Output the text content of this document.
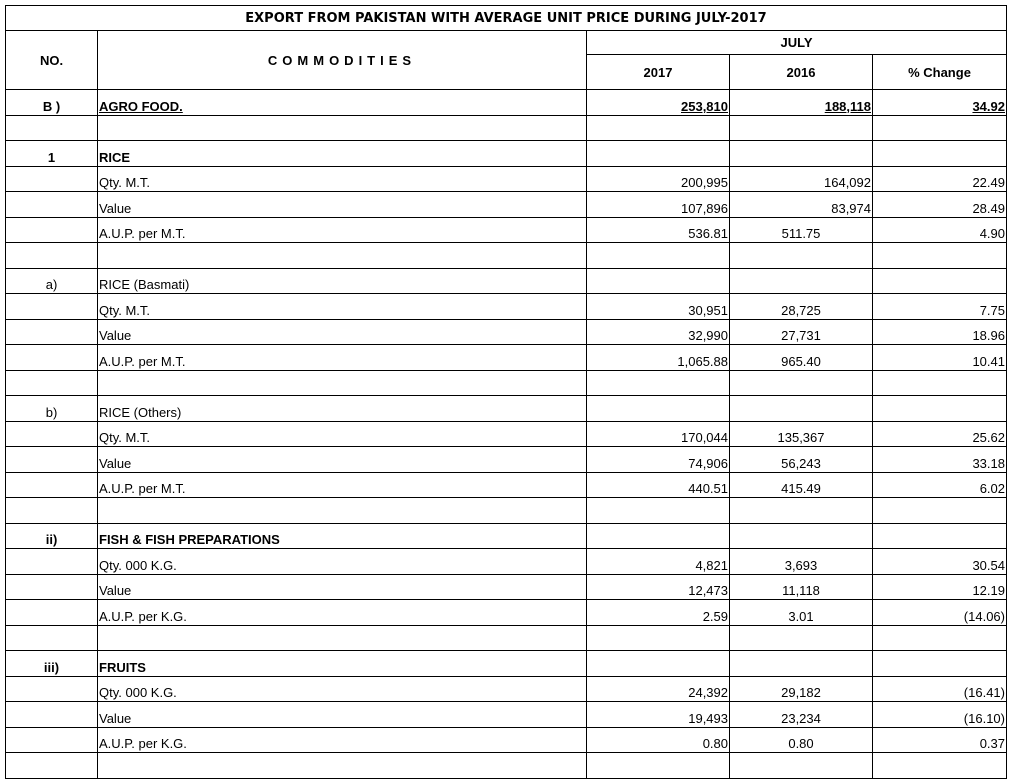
EXPORT FROM PAKISTAN WITH AVERAGE UNIT PRICE DURING JULY-2017				
NO.	COMMODITIES	JULY		
		2017	2016	% Change
B )	AGRO FOOD.	253,810	188,118	34.92

1	RICE			
	Qty. M.T.	200,995	164,092	22.49
	Value	107,896	83,974	28.49
	A.U.P. per M.T.	536.81	511.75	4.90

a)	RICE (Basmati)			
	Qty. M.T.	30,951	28,725	7.75
	Value	32,990	27,731	18.96
	A.U.P. per M.T.	1,065.88	965.40	10.41

b)	RICE (Others)			
	Qty. M.T.	170,044	135,367	25.62
	Value	74,906	56,243	33.18
	A.U.P. per M.T.	440.51	415.49	6.02

ii)	FISH & FISH PREPARATIONS			
	Qty. 000 K.G.	4,821	3,693	30.54
	Value	12,473	11,118	12.19
	A.U.P. per K.G.	2.59	3.01	(14.06)

iii)	FRUITS			
	Qty. 000 K.G.	24,392	29,182	(16.41)
	Value	19,493	23,234	(16.10)
	A.U.P. per K.G.	0.80	0.80	0.37
